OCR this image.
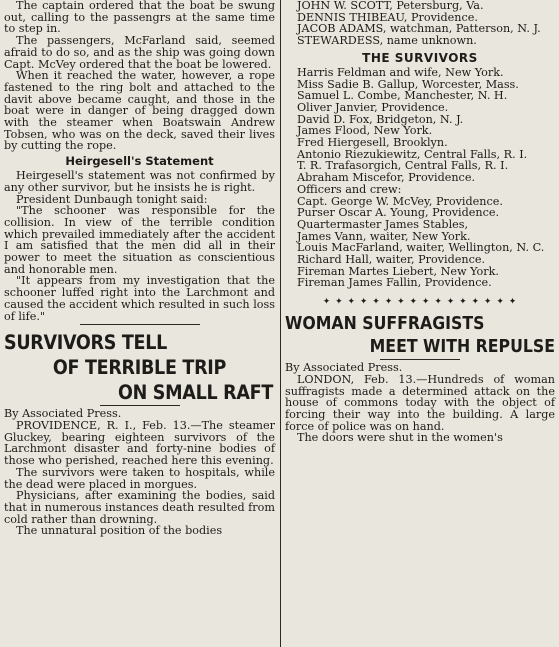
The captain ordered that the boat be swung out, calling to the passengrs at the same time to step in.

The passengers, McFarland said, seemed afraid to do so, and as the ship was going down Capt. McVey ordered that the boat be lowered.

When it reached the water, however, a rope fastened to the ring bolt and attached to the davit above became caught, and those in the boat were in danger of being dragged down with the steamer when Boatswain Andrew Tobsen, who was on the deck, saved their lives by cutting the rope.

Heirgesell's Statement

Heirgesell's statement was not confirmed by any other survivor, but he insists he is right.

President Dunbaugh tonight said:

"The schooner was responsible for the collision. In view of the terrible condition which prevailed immediately after the accident I am satisfied that the men did all in their power to meet the situation as conscientious and honorable men.

"It appears from my investigation that the schooner luffed right into the Larchmont and caused the accident which resulted in such loss of life."

SURVIVORS TELL
OF TERRIBLE TRIP
ON SMALL RAFT

By Associated Press.

PROVIDENCE, R. I., Feb. 13.—The steamer Gluckey, bearing eighteen survivors of the Larchmont disaster and forty-nine bodies of those who perished, reached here this evening.

The survivors were taken to hospitals, while the dead were placed in morgues.

Physicians, after examining the bodies, said that in numerous instances death resulted from cold rather than drowning.

The unnatural position of the bodies

JOHN W. SCOTT, Petersburg, Va.
DENNIS THIBEAU, Providence.
JACOB ADAMS, watchman, Patterson, N. J.
STEWARDESS, name unknown.
THE SURVIVORS
Harris Feldman and wife, New York.
Miss Sadie B. Gallup, Worcester, Mass.
Samuel L. Combe, Manchester, N. H.
Oliver Janvier, Providence.
David D. Fox, Bridgeton, N. J.
James Flood, New York.
Fred Hiergesell, Brooklyn.
Antonio Riezukiewitz, Central Falls, R. I.
T. R. Trafasorgich, Central Falls, R. I.
Abraham Miscefor, Providence.
Officers and crew:
Capt. George W. McVey, Providence.
Purser Oscar A. Young, Providence.
Quartermaster James Stables,
James Vann, waiter, New York.
Louis MacFarland, waiter, Wellington, N. C.
Richard Hall, waiter, Providence.
Fireman Martes Liebert, New York.
Fireman James Fallin, Providence.
✦ ✦ ✦ ✦ ✦ ✦ ✦ ✦ ✦ ✦ ✦ ✦ ✦ ✦ ✦ ✦
WOMAN SUFFRAGISTS
MEET WITH REPULSE

By Associated Press.

LONDON, Feb. 13.—Hundreds of woman suffragists made a determined attack on the house of commons today with the object of forcing their way into the building. A large force of police was on hand.

The doors were shut in the women's
